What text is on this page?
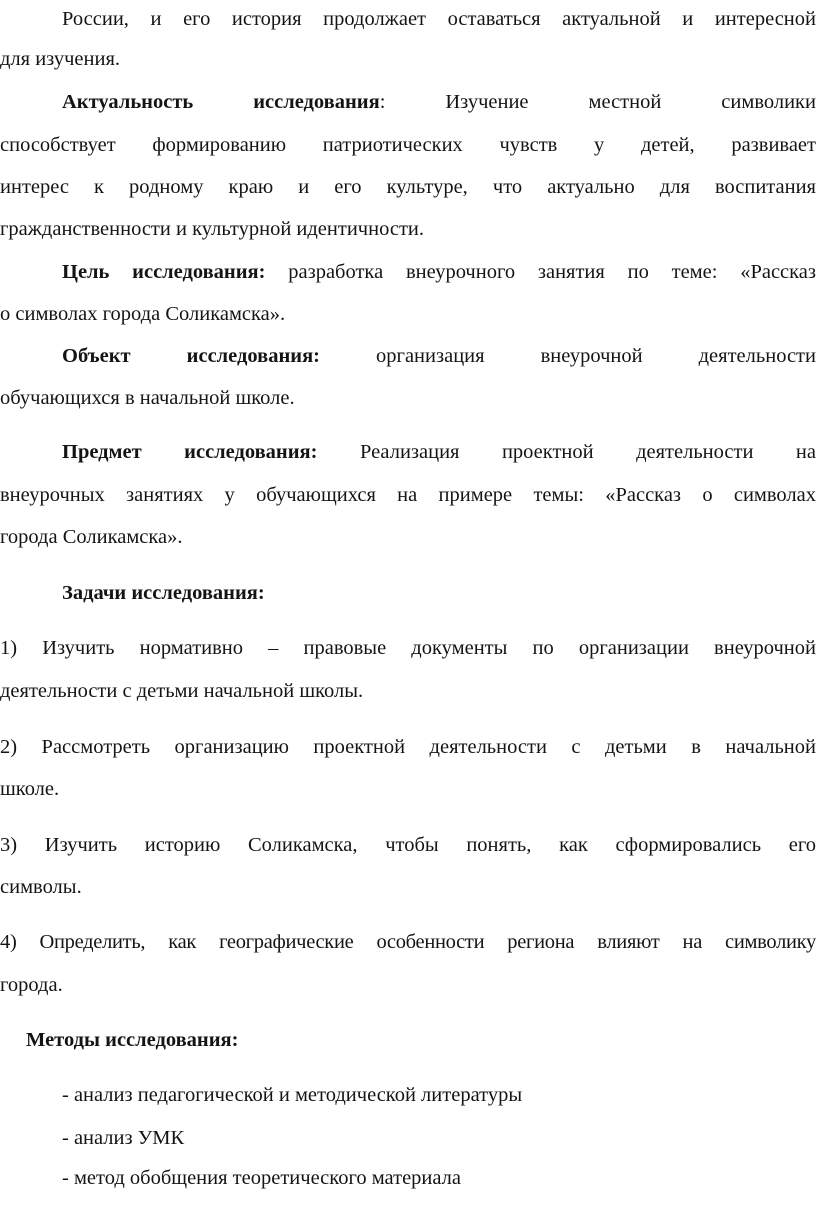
России, и его история продолжает оставаться актуальной и интересной
для изучения.
Актуальность исследования:	Изучение местной символики
способствует формированию патриотических чувств у детей, развивает
интерес к родному краю и его культуре, что актуально для воспитания
гражданственности и культурной идентичности.
Цель исследования: разработка внеурочного занятия по теме: «Рассказ
о символах города Соликамска».
Объект исследования:	организация внеурочной деятельности
обучающихся в начальной школе.
Предмет исследования: Реализация проектной деятельности на
внеурочных занятиях у обучающихся на примере темы: «Рассказ о символах
города Соликамска».
Задачи исследования:
1) Изучить нормативно – правовые документы по организации внеурочной
деятельности с детьми начальной школы.
2) Рассмотреть организацию проектной деятельности с детьми в начальной
школе.
3) Изучить историю Соликамска, чтобы понять, как сформировались его
символы.
4) Определить, как географические особенности региона влияют на символику
города.
Методы исследования:
- анализ педагогической и методической литературы
- анализ УМК
- метод обобщения теоретического материала
